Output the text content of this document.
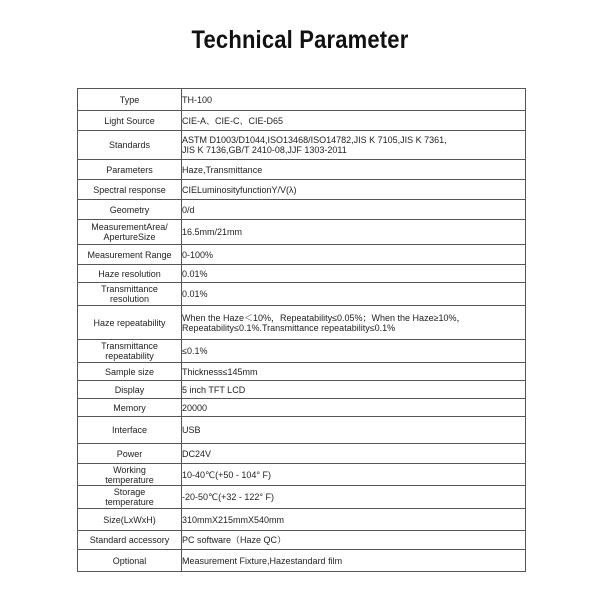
Technical Parameter
Type	TH-100

Light Source	CIE-A、CIE-C、CIE-D65

Standards	ASTM D1003/D1044,ISO13468/ISO14782,JIS K 7105,JIS K 7361,
JIS K 7136,GB/T 2410-08,JJF 1303-2011

Parameters	Haze,Transmittance

Spectral response	CIELuminosityfunctionY/V(λ)

Geometry	0/d

MeasurementArea/
ApertureSize	16.5mm/21mm

Measurement Range	0-100%

Haze resolution	0.01%

Transmittance
resolution	0.01%

Haze repeatability	When the Haze＜10%，Repeatability≤0.05%；When the Haze≥10%，
Repeatability≤0.1%.Transmittance repeatability≤0.1%

Transmittance
repeatability	≤0.1%

Sample size	Thickness≤145mm

Display	5 inch TFT LCD

Memory	20000

Interface	USB

Power	DC24V

Working
temperature	10-40℃(+50 - 104° F)

Storage
temperature	-20-50℃(+32 - 122° F)

Size(LxWxH)	310mmX215mmX540mm

Standard accessory	PC software（Haze QC）

Optional	Measurement Fixture,Hazestandard film
